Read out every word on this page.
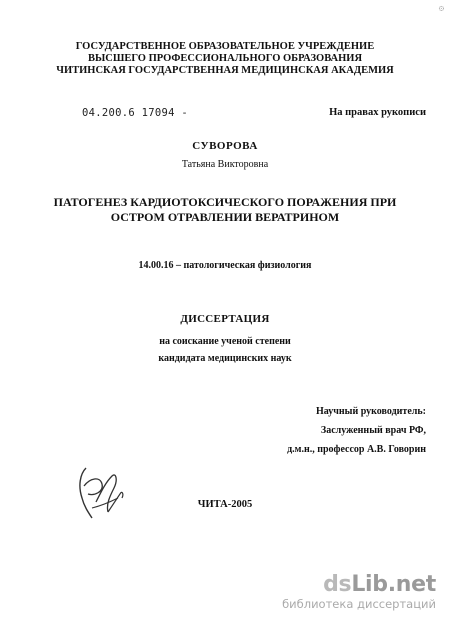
۞
ГОСУДАРСТВЕННОЕ ОБРАЗОВАТЕЛЬНОЕ УЧРЕЖДЕНИЕ
ВЫСШЕГО ПРОФЕССИОНАЛЬНОГО ОБРАЗОВАНИЯ
ЧИТИНСКАЯ ГОСУДАРСТВЕННАЯ МЕДИЦИНСКАЯ АКАДЕМИЯ
04.200.6 17094 -	На правах рукописи
СУВОРОВА
Татьяна Викторовна
ПАТОГЕНЕЗ КАРДИОТОКСИЧЕСКОГО ПОРАЖЕНИЯ ПРИ
ОСТРОМ ОТРАВЛЕНИИ ВЕРАТРИНОМ
14.00.16 – патологическая физиология
ДИССЕРТАЦИЯ
на соискание ученой степени
кандидата медицинских наук
Научный руководитель:
Заслуженный врач РФ,
д.м.н., профессор А.В. Говорин
ЧИТА-2005
dsLib.net
библиотека диссертаций
